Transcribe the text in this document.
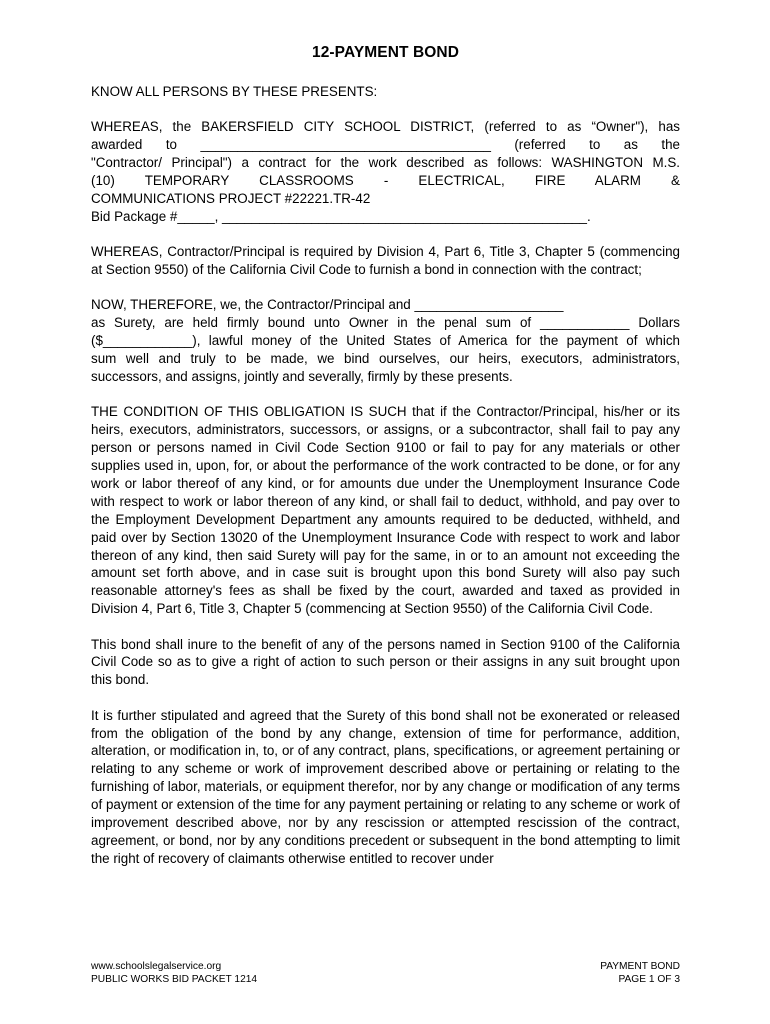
12-PAYMENT BOND
KNOW ALL PERSONS BY THESE PRESENTS:
WHEREAS, the BAKERSFIELD CITY SCHOOL DISTRICT, (referred to as “Owner"), has
awarded to _______________________________________ (referred to as the
"Contractor/ Principal") a contract for the work described as follows: WASHINGTON M.S.
(10) TEMPORARY CLASSROOMS - ELECTRICAL, FIRE ALARM &
COMMUNICATIONS PROJECT #22221.TR-42
Bid Package #_____, _________________________________________________.
WHEREAS, Contractor/Principal is required by Division 4, Part 6, Title 3, Chapter 5 (commencing at Section 9550) of the California Civil Code to furnish a bond in connection with the contract;
NOW, THEREFORE, we, the Contractor/Principal and ____________________
as Surety, are held firmly bound unto Owner in the penal sum of ____________ Dollars
($____________), lawful money of the United States of America for the payment of which
sum well and truly to be made, we bind ourselves, our heirs, executors, administrators,
successors, and assigns, jointly and severally, firmly by these presents.
THE CONDITION OF THIS OBLIGATION IS SUCH that if the Contractor/Principal, his/her or its heirs, executors, administrators, successors, or assigns, or a subcontractor, shall fail to pay any person or persons named in Civil Code Section 9100 or fail to pay for any materials or other supplies used in, upon, for, or about the performance of the work contracted to be done, or for any work or labor thereof of any kind, or for amounts due under the Unemployment Insurance Code with respect to work or labor thereon of any kind, or shall fail to deduct, withhold, and pay over to the Employment Development Department any amounts required to be deducted, withheld, and paid over by Section 13020 of the Unemployment Insurance Code with respect to work and labor thereon of any kind, then said Surety will pay for the same, in or to an amount not exceeding the amount set forth above, and in case suit is brought upon this bond Surety will also pay such reasonable attorney's fees as shall be fixed by the court, awarded and taxed as provided in Division 4, Part 6, Title 3, Chapter 5 (commencing at Section 9550) of the California Civil Code.
This bond shall inure to the benefit of any of the persons named in Section 9100 of the California Civil Code so as to give a right of action to such person or their assigns in any suit brought upon this bond.
It is further stipulated and agreed that the Surety of this bond shall not be exonerated or released from the obligation of the bond by any change, extension of time for performance, addition, alteration, or modification in, to, or of any contract, plans, specifications, or agreement pertaining or relating to any scheme or work of improvement described above or pertaining or relating to the furnishing of labor, materials, or equipment therefor, nor by any change or modification of any terms of payment or extension of the time for any payment pertaining or relating to any scheme or work of improvement described above, nor by any rescission or attempted rescission of the contract, agreement, or bond, nor by any conditions precedent or subsequent in the bond attempting to limit the right of recovery of claimants otherwise entitled to recover under
www.schoolslegalservice.org
PUBLIC WORKS BID PACKET 1214
PAYMENT BOND
PAGE 1 OF 3
